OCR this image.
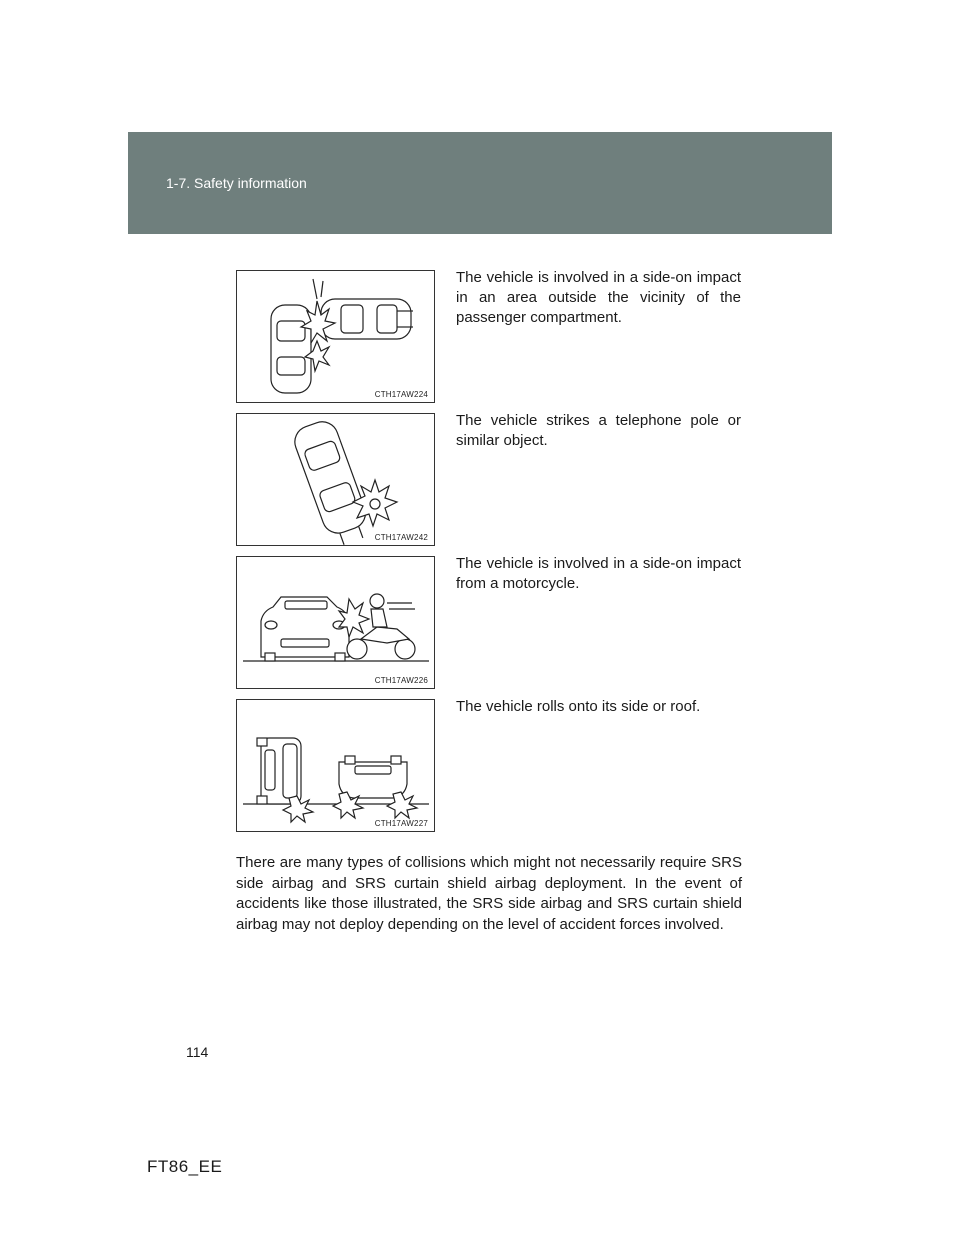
1-7. Safety information
CTH17AW224
The vehicle is involved in a side-on impact in an area outside the vicinity of the passenger compartment.
CTH17AW242
The vehicle strikes a telephone pole or similar object.
CTH17AW226
The vehicle is involved in a side-on impact from a motorcycle.
CTH17AW227
The vehicle rolls onto its side or roof.
There are many types of collisions which might not necessarily require SRS side airbag and SRS curtain shield airbag deployment. In the event of accidents like those illustrated, the SRS side airbag and SRS curtain shield airbag may not deploy depending on the level of accident forces involved.
114
FT86_EE
